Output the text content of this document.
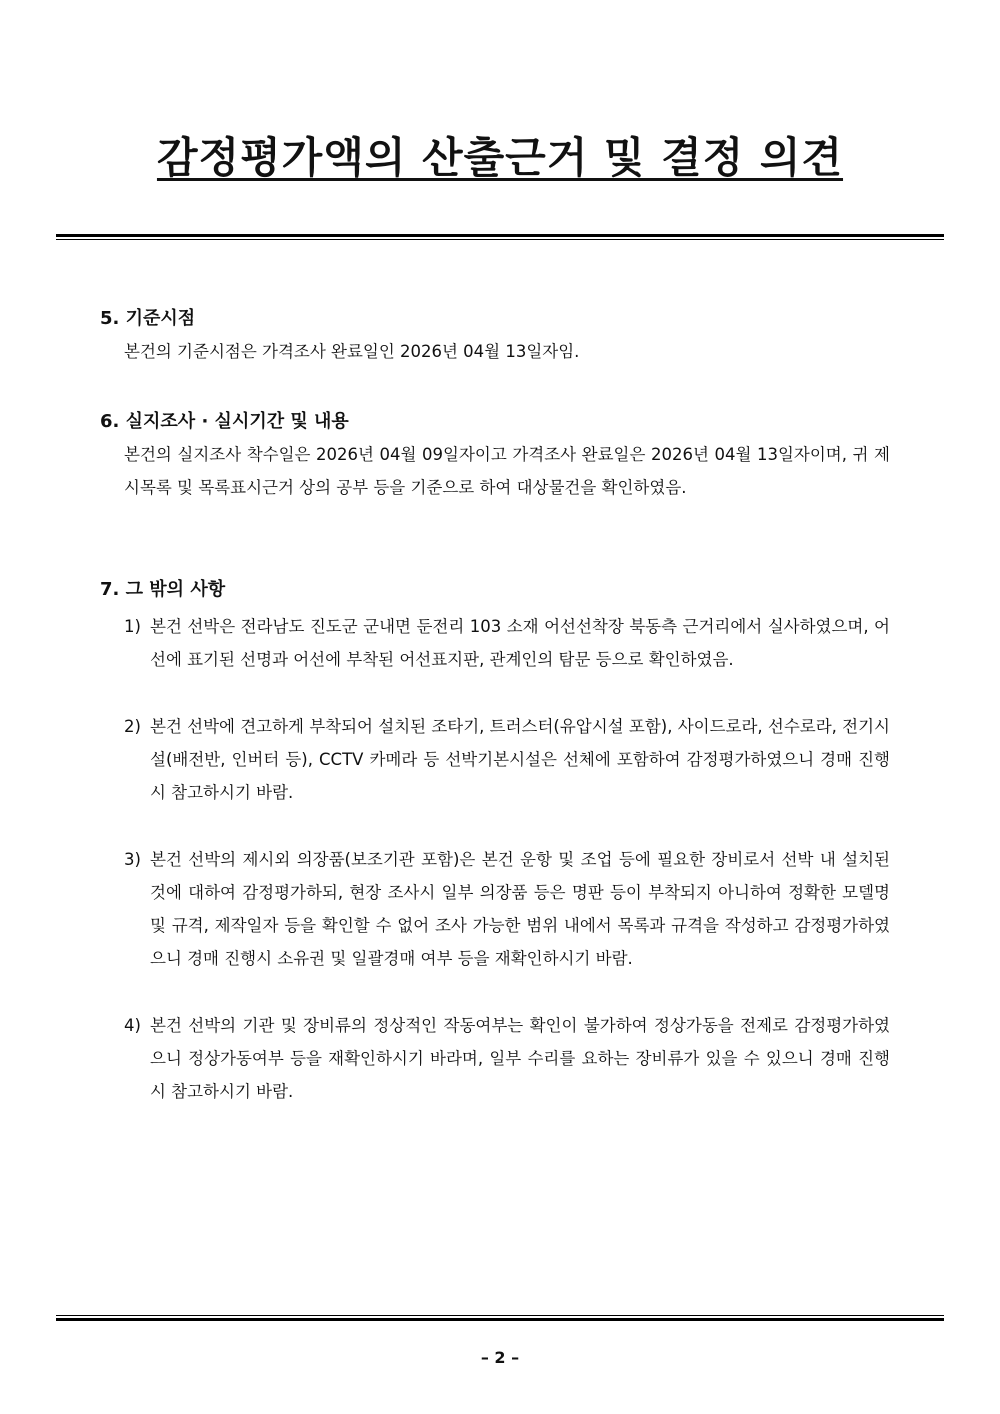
감정평가액의 산출근거 및 결정 의견
5. 기준시점
본건의 기준시점은 가격조사 완료일인 2026년 04월 13일자임.
6. 실지조사 · 실시기간 및 내용
본건의 실지조사 착수일은 2026년 04월 09일자이고 가격조사 완료일은 2026년 04월 13일자이며, 귀 제시목록 및 목록표시근거 상의 공부 등을 기준으로 하여 대상물건을 확인하였음.
7. 그 밖의 사항
1) 본건 선박은 전라남도 진도군 군내면 둔전리 103 소재 어선선착장 북동측 근거리에서 실사하였으며, 어선에 표기된 선명과 어선에 부착된 어선표지판, 관계인의 탐문 등으로 확인하였음.
2) 본건 선박에 견고하게 부착되어 설치된 조타기, 트러스터(유압시설 포함), 사이드로라, 선수로라, 전기시설(배전반, 인버터 등), CCTV 카메라 등 선박기본시설은 선체에 포함하여 감정평가하였으니 경매 진행시 참고하시기 바람.
3) 본건 선박의 제시외 의장품(보조기관 포함)은 본건 운항 및 조업 등에 필요한 장비로서 선박 내 설치된 것에 대하여 감정평가하되, 현장 조사시 일부 의장품 등은 명판 등이 부착되지 아니하여 정확한 모델명 및 규격, 제작일자 등을 확인할 수 없어 조사 가능한 범위 내에서 목록과 규격을 작성하고 감정평가하였으니 경매 진행시 소유권 및 일괄경매 여부 등을 재확인하시기 바람.
4) 본건 선박의 기관 및 장비류의 정상적인 작동여부는 확인이 불가하여 정상가동을 전제로 감정평가하였으니 정상가동여부 등을 재확인하시기 바라며, 일부 수리를 요하는 장비류가 있을 수 있으니 경매 진행시 참고하시기 바람.
– 2 –
